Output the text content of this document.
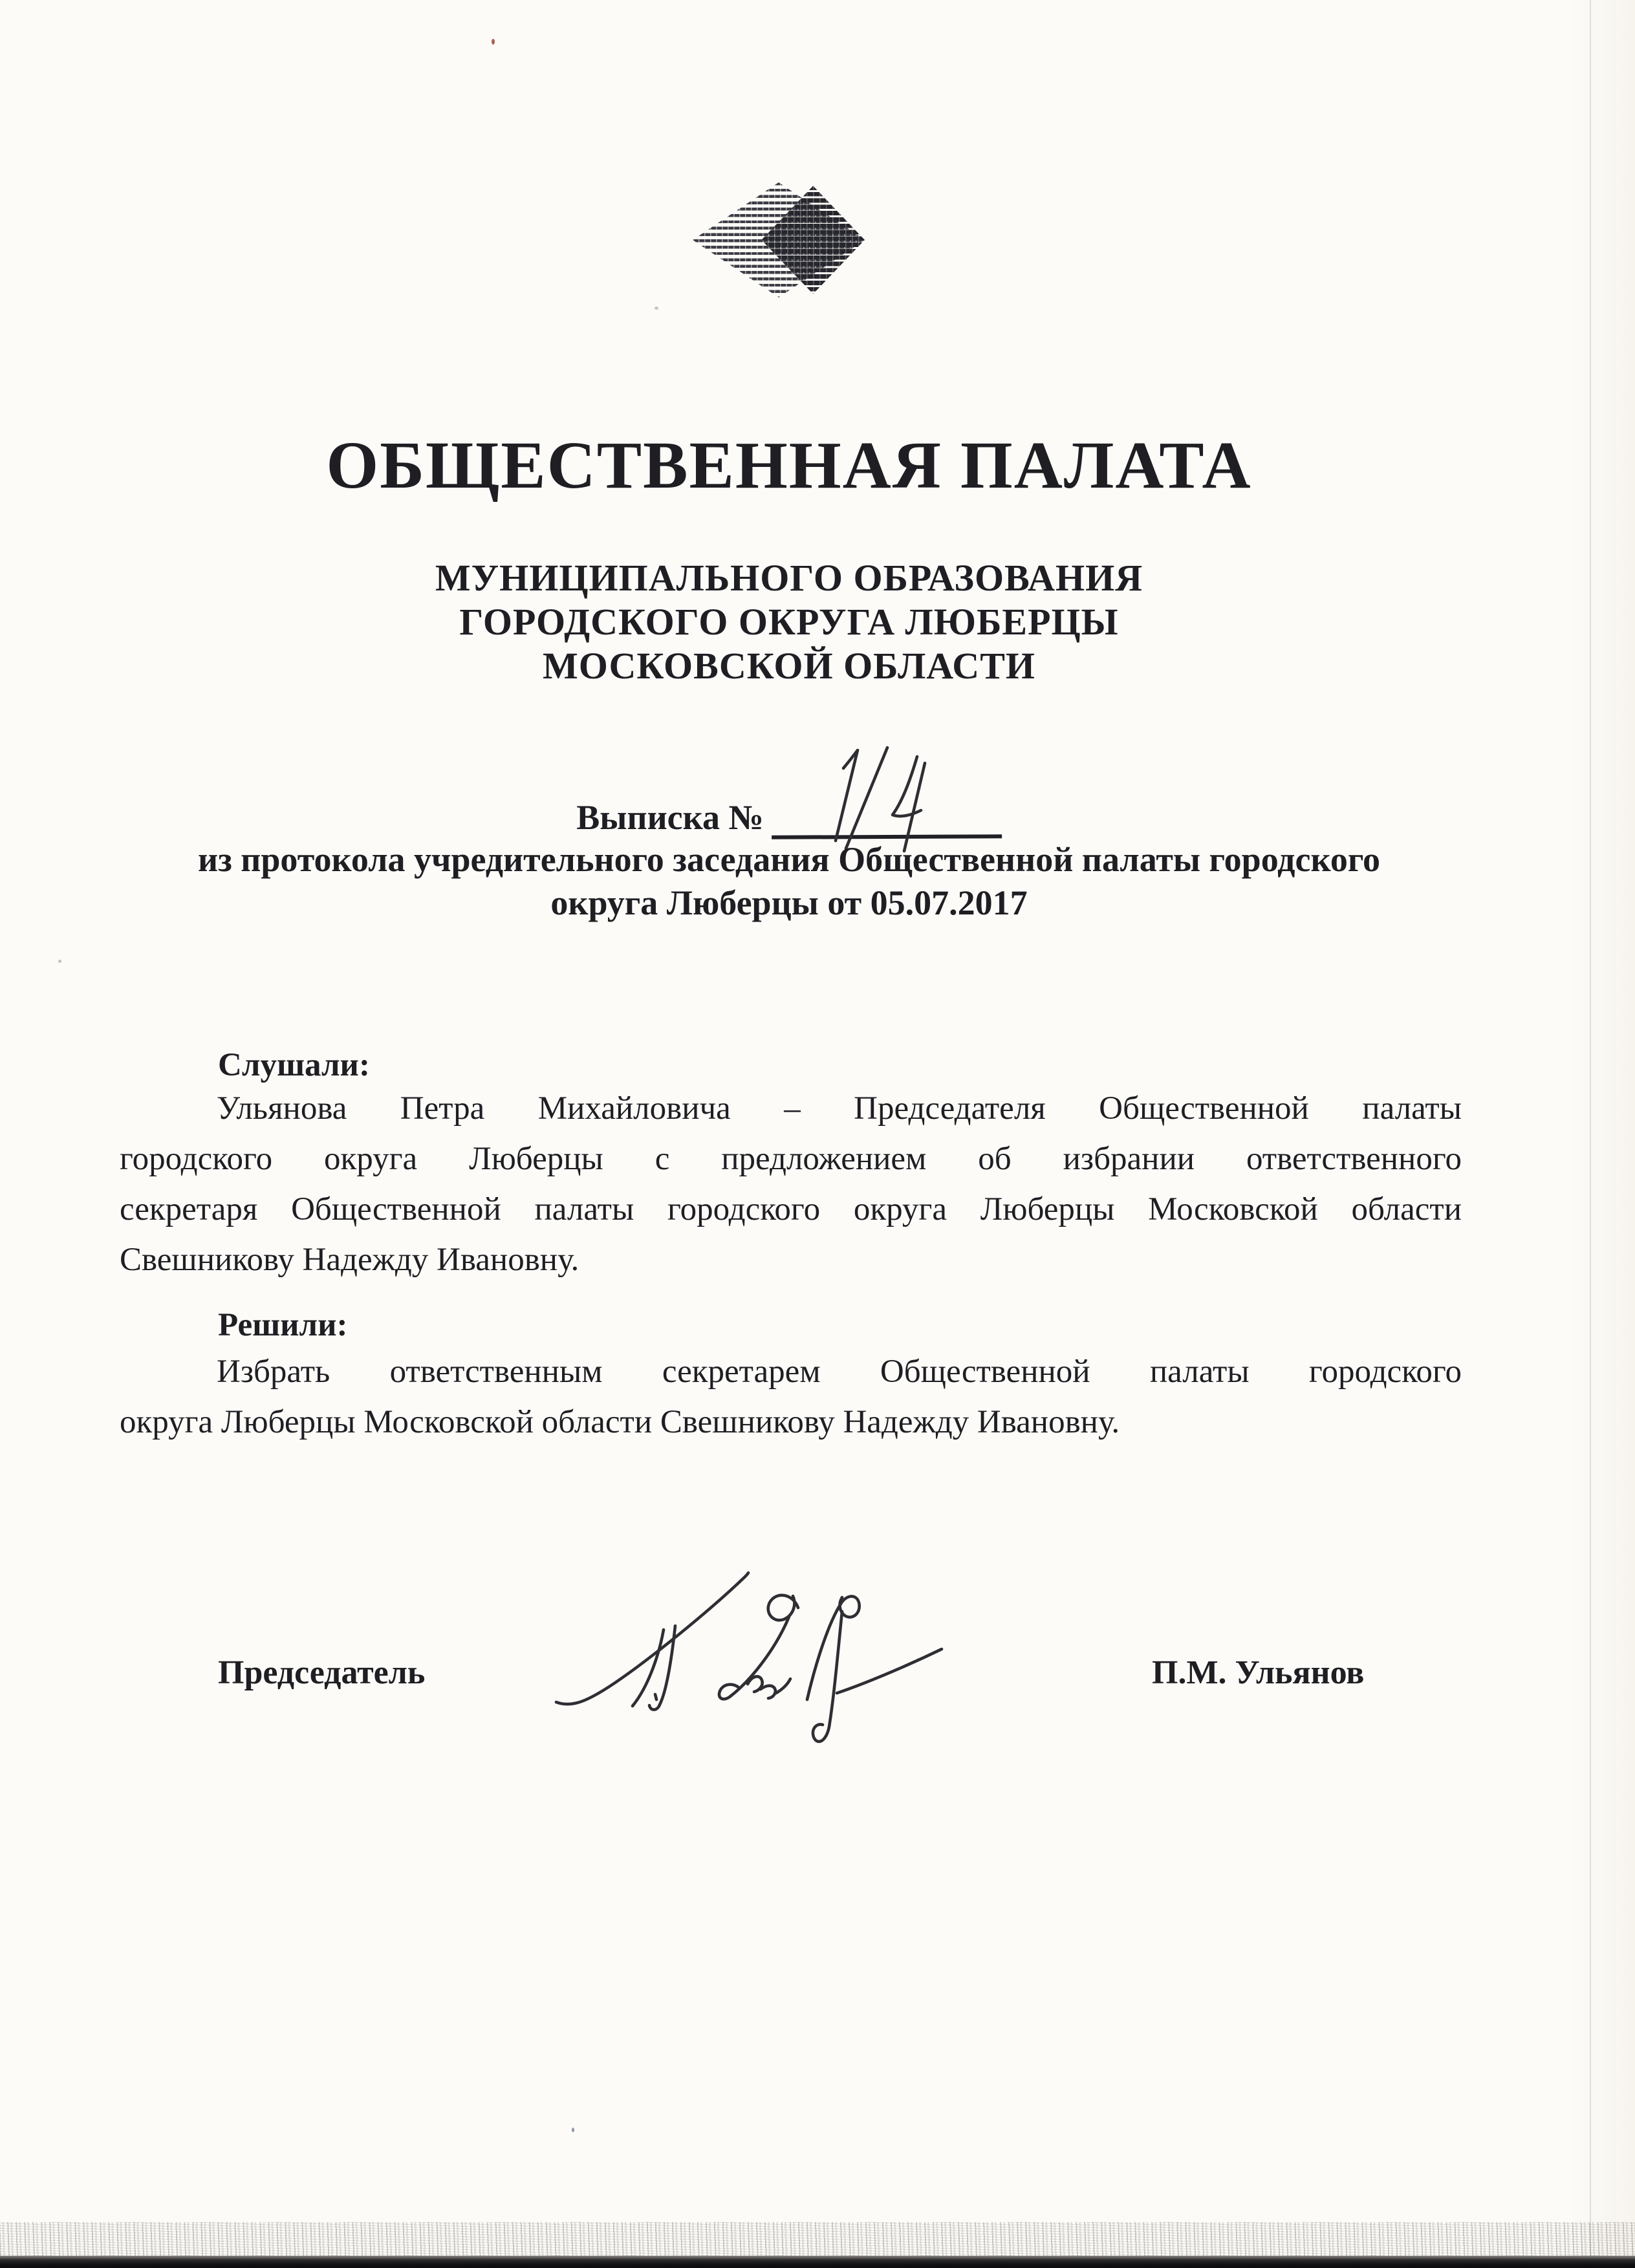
ОБЩЕСТВЕННАЯ ПАЛАТА
МУНИЦИПАЛЬНОГО ОБРАЗОВАНИЯ
ГОРОДСКОГО ОКРУГА ЛЮБЕРЦЫ
МОСКОВСКОЙ ОБЛАСТИ
Выписка №
из протокола учредительного заседания Общественной палаты городского
округа Люберцы от 05.07.2017
Слушали:
Ульянова Петра Михайловича – Председателя Общественной палаты
городского округа Люберцы с предложением об избрании ответственного
секретаря Общественной палаты городского округа Люберцы Московской области
Свешникову Надежду Ивановну.
Решили:
Избрать ответственным секретарем Общественной палаты городского
округа Люберцы Московской области Свешникову Надежду Ивановну.
Председатель	П.М. Ульянов
